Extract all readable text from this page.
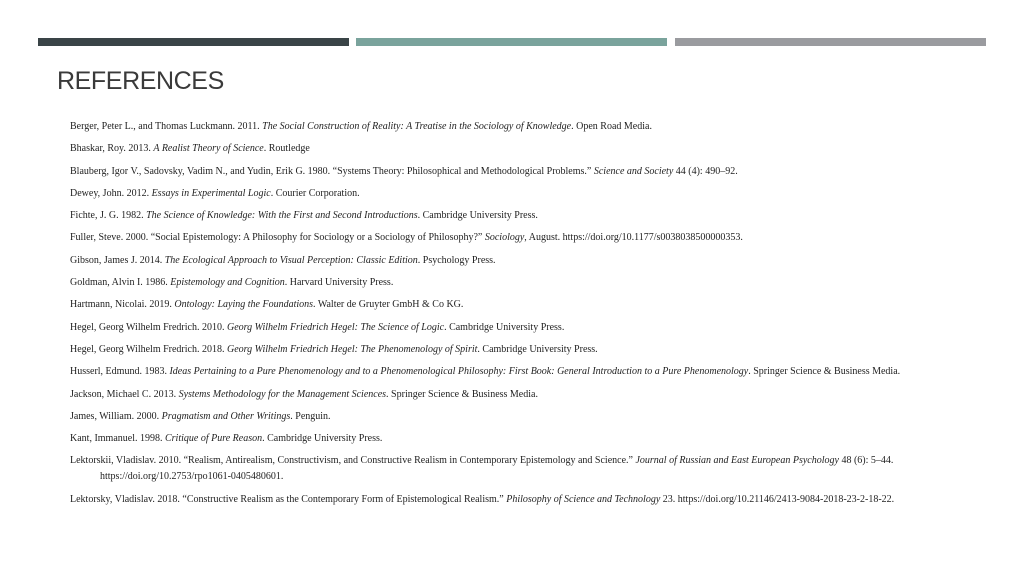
REFERENCES
Berger, Peter L., and Thomas Luckmann. 2011. The Social Construction of Reality: A Treatise in the Sociology of Knowledge. Open Road Media.
Bhaskar, Roy. 2013. A Realist Theory of Science. Routledge
Blauberg, Igor V., Sadovsky, Vadim N., and Yudin, Erik G. 1980. “Systems Theory: Philosophical and Methodological Problems.” Science and Society 44 (4): 490–92.
Dewey, John. 2012. Essays in Experimental Logic. Courier Corporation.
Fichte, J. G. 1982. The Science of Knowledge: With the First and Second Introductions. Cambridge University Press.
Fuller, Steve. 2000. “Social Epistemology: A Philosophy for Sociology or a Sociology of Philosophy?” Sociology, August. https://doi.org/10.1177/s0038038500000353.
Gibson, James J. 2014. The Ecological Approach to Visual Perception: Classic Edition. Psychology Press.
Goldman, Alvin I. 1986. Epistemology and Cognition. Harvard University Press.
Hartmann, Nicolai. 2019. Ontology: Laying the Foundations. Walter de Gruyter GmbH & Co KG.
Hegel, Georg Wilhelm Fredrich. 2010. Georg Wilhelm Friedrich Hegel: The Science of Logic. Cambridge University Press.
Hegel, Georg Wilhelm Fredrich. 2018. Georg Wilhelm Friedrich Hegel: The Phenomenology of Spirit. Cambridge University Press.
Husserl, Edmund. 1983. Ideas Pertaining to a Pure Phenomenology and to a Phenomenological Philosophy: First Book: General Introduction to a Pure Phenomenology. Springer Science & Business Media.
Jackson, Michael C. 2013. Systems Methodology for the Management Sciences. Springer Science & Business Media.
James, William. 2000. Pragmatism and Other Writings. Penguin.
Kant, Immanuel. 1998. Critique of Pure Reason. Cambridge University Press.
Lektorskii, Vladislav. 2010. “Realism, Antirealism, Constructivism, and Constructive Realism in Contemporary Epistemology and Science.” Journal of Russian and East European Psychology 48 (6): 5–44. https://doi.org/10.2753/rpo1061-0405480601.
Lektorsky, Vladislav. 2018. “Constructive Realism as the Contemporary Form of Epistemological Realism.” Philosophy of Science and Technology 23. https://doi.org/10.21146/2413-9084-2018-23-2-18-22.
